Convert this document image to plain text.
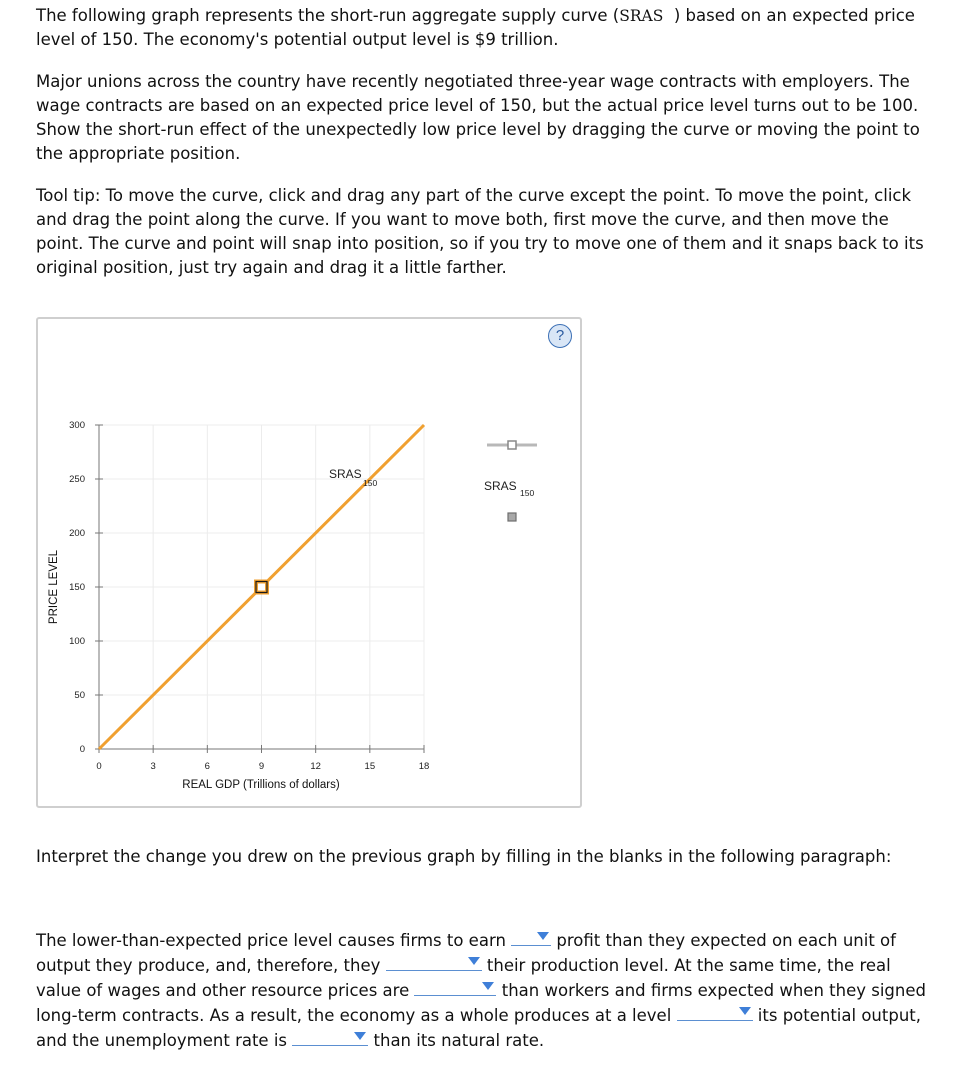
The following graph represents the short-run aggregate supply curve (SRAS ) based on an expected price level of 150. The economy's potential output level is $9 trillion.

Major unions across the country have recently negotiated three-year wage contracts with employers. The wage contracts are based on an expected price level of 150, but the actual price level turns out to be 100. Show the short-run effect of the unexpectedly low price level by dragging the curve or moving the point to the appropriate position.

Tool tip: To move the curve, click and drag any part of the curve except the point. To move the point, click and drag the point along the curve. If you want to move both, first move the curve, and then move the point. The curve and point will snap into position, so if you try to move one of them and it snaps back to its original position, just try again and drag it a little farther.

?
0	3	6	9	12	15	18
0
50
100
150
200
250
300
REAL GDP (Trillions of dollars)
PRICE LEVEL
SRAS
150	SRAS 150

Interpret the change you drew on the previous graph by filling in the blanks in the following paragraph:

The lower-than-expected price level causes firms to earn	profit than they expected on each unit of output they produce, and, therefore, they	their production level. At the same time, the real value of wages and other resource prices are	than workers and firms expected when they signed long-term contracts. As a result, the economy as a whole produces at a level	its potential output, and the unemployment rate is	than its natural rate.
